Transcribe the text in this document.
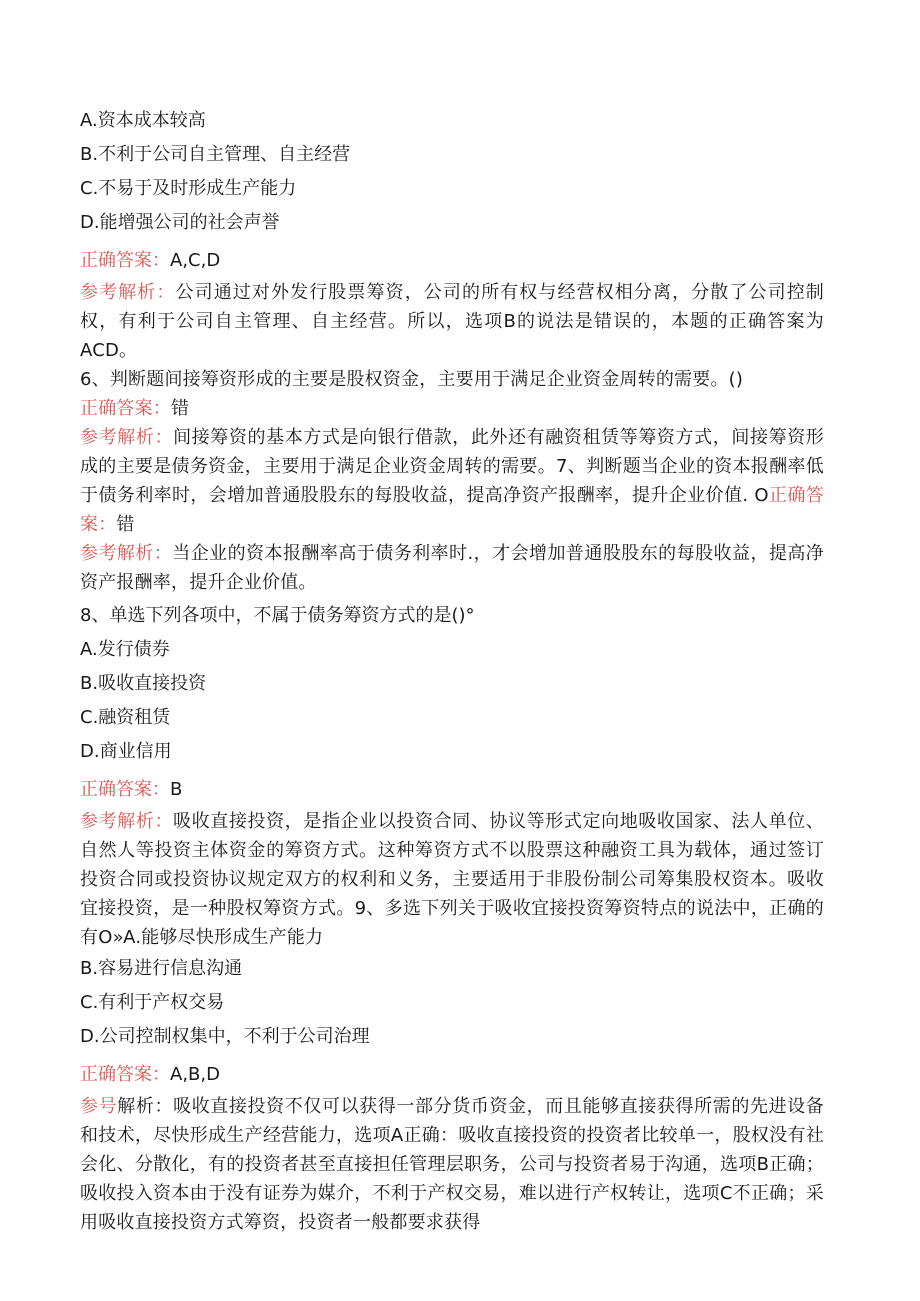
A.资本成本较高
B.不利于公司自主管理、自主经营
C.不易于及时形成生产能力
D.能增强公司的社会声誉
正确答案：A,C,D
参考解析：公司通过对外发行股票筹资，公司的所有权与经营权相分离，分散了公司控制权，有利于公司自主管理、自主经营。所以，选项B的说法是错误的，本题的正确答案为ACD。
6、判断题间接筹资形成的主要是股权资金，主要用于满足企业资金周转的需要。()
正确答案：错
参考解析：间接筹资的基本方式是向银行借款，此外还有融资租赁等筹资方式，间接筹资形成的主要是债务资金，主要用于满足企业资金周转的需要。7、判断题当企业的资本报酬率低于债务利率时，会增加普通股股东的每股收益，提高净资产报酬率，提升企业价值. O正确答案：错
参考解析：当企业的资本报酬率高于债务利率时.，才会增加普通股股东的每股收益，提高净资产报酬率，提升企业价值。
8、单选下列各项中，不属于债务筹资方式的是()°
A.发行债券
B.吸收直接投资
C.融资租赁
D.商业信用
正确答案：B
参考解析：吸收直接投资，是指企业以投资合同、协议等形式定向地吸收国家、法人单位、自然人等投资主体资金的筹资方式。这种筹资方式不以股票这种融资工具为载体，通过签订投资合同或投资协议规定双方的权利和义务，主要适用于非股份制公司筹集股权资本。吸收宜接投资，是一种股权筹资方式。9、多选下列关于吸收宜接投资筹资特点的说法中，正确的有O»A.能够尽快形成生产能力
B.容易进行信息沟通
C.有利于产权交易
D.公司控制权集中，不利于公司治理
正确答案：A,B,D
参号解析：吸收直接投资不仅可以获得一部分货币资金，而且能够直接获得所需的先进设备和技术，尽快形成生产经营能力，选项A正确：吸收直接投资的投资者比较单一，股权没有社会化、分散化，有的投资者甚至直接担任管理层职务，公司与投资者易于沟通，选项B正确；吸收投入资本由于没有证券为媒介，不利于产权交易，难以进行产权转让，选项C不正确；采用吸收直接投资方式筹资，投资者一般都要求获得
